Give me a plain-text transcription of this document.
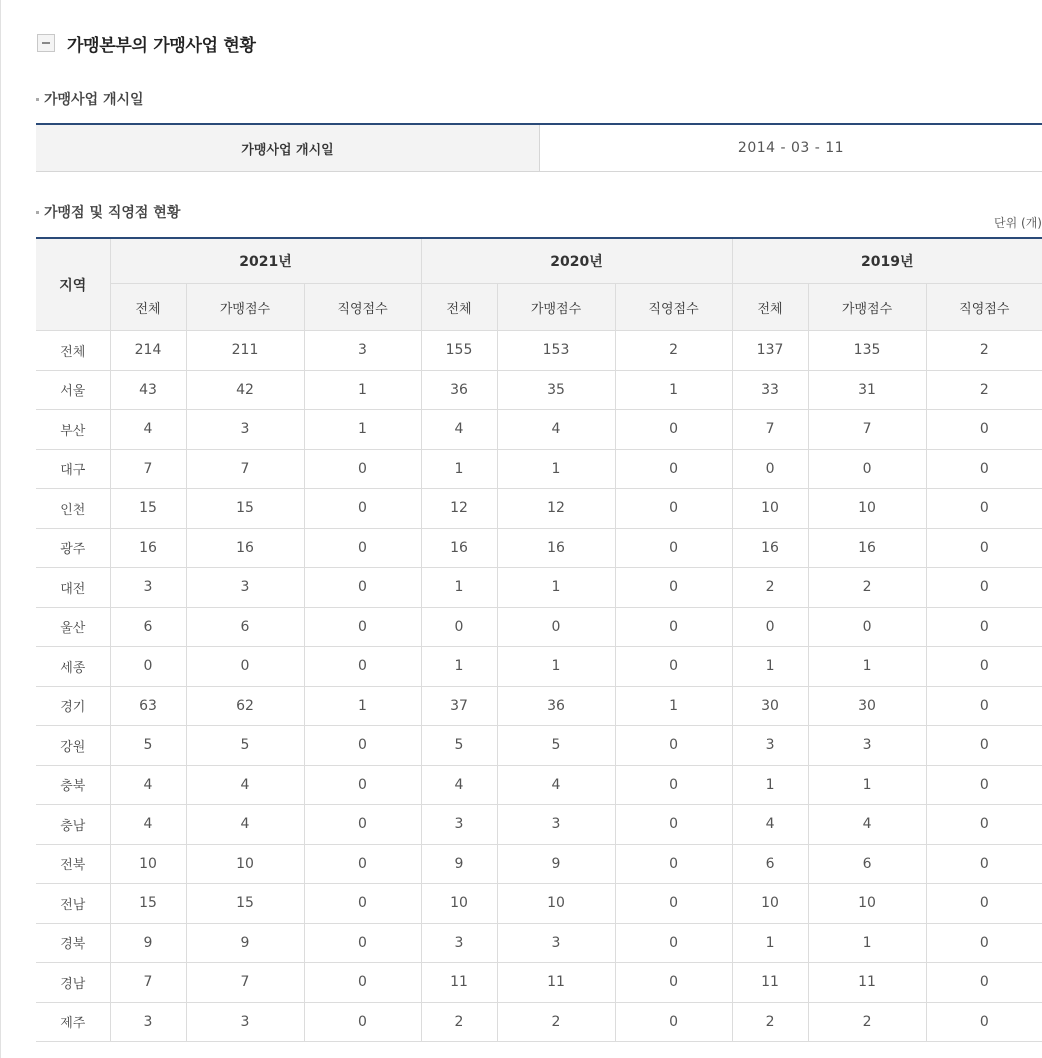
가맹본부의 가맹사업 현황
가맹사업 개시일
가맹사업 개시일	2014 - 03 - 11
가맹점 및 직영점 현황
단위 (개)
지역	2021년			2020년			2019년		
	전체	가맹점수	직영점수	전체	가맹점수	직영점수	전체	가맹점수	직영점수
전체	214	211	3	155	153	2	137	135	2
서울	43	42	1	36	35	1	33	31	2
부산	4	3	1	4	4	0	7	7	0
대구	7	7	0	1	1	0	0	0	0
인천	15	15	0	12	12	0	10	10	0
광주	16	16	0	16	16	0	16	16	0
대전	3	3	0	1	1	0	2	2	0
울산	6	6	0	0	0	0	0	0	0
세종	0	0	0	1	1	0	1	1	0
경기	63	62	1	37	36	1	30	30	0
강원	5	5	0	5	5	0	3	3	0
충북	4	4	0	4	4	0	1	1	0
충남	4	4	0	3	3	0	4	4	0
전북	10	10	0	9	9	0	6	6	0
전남	15	15	0	10	10	0	10	10	0
경북	9	9	0	3	3	0	1	1	0
경남	7	7	0	11	11	0	11	11	0
제주	3	3	0	2	2	0	2	2	0
